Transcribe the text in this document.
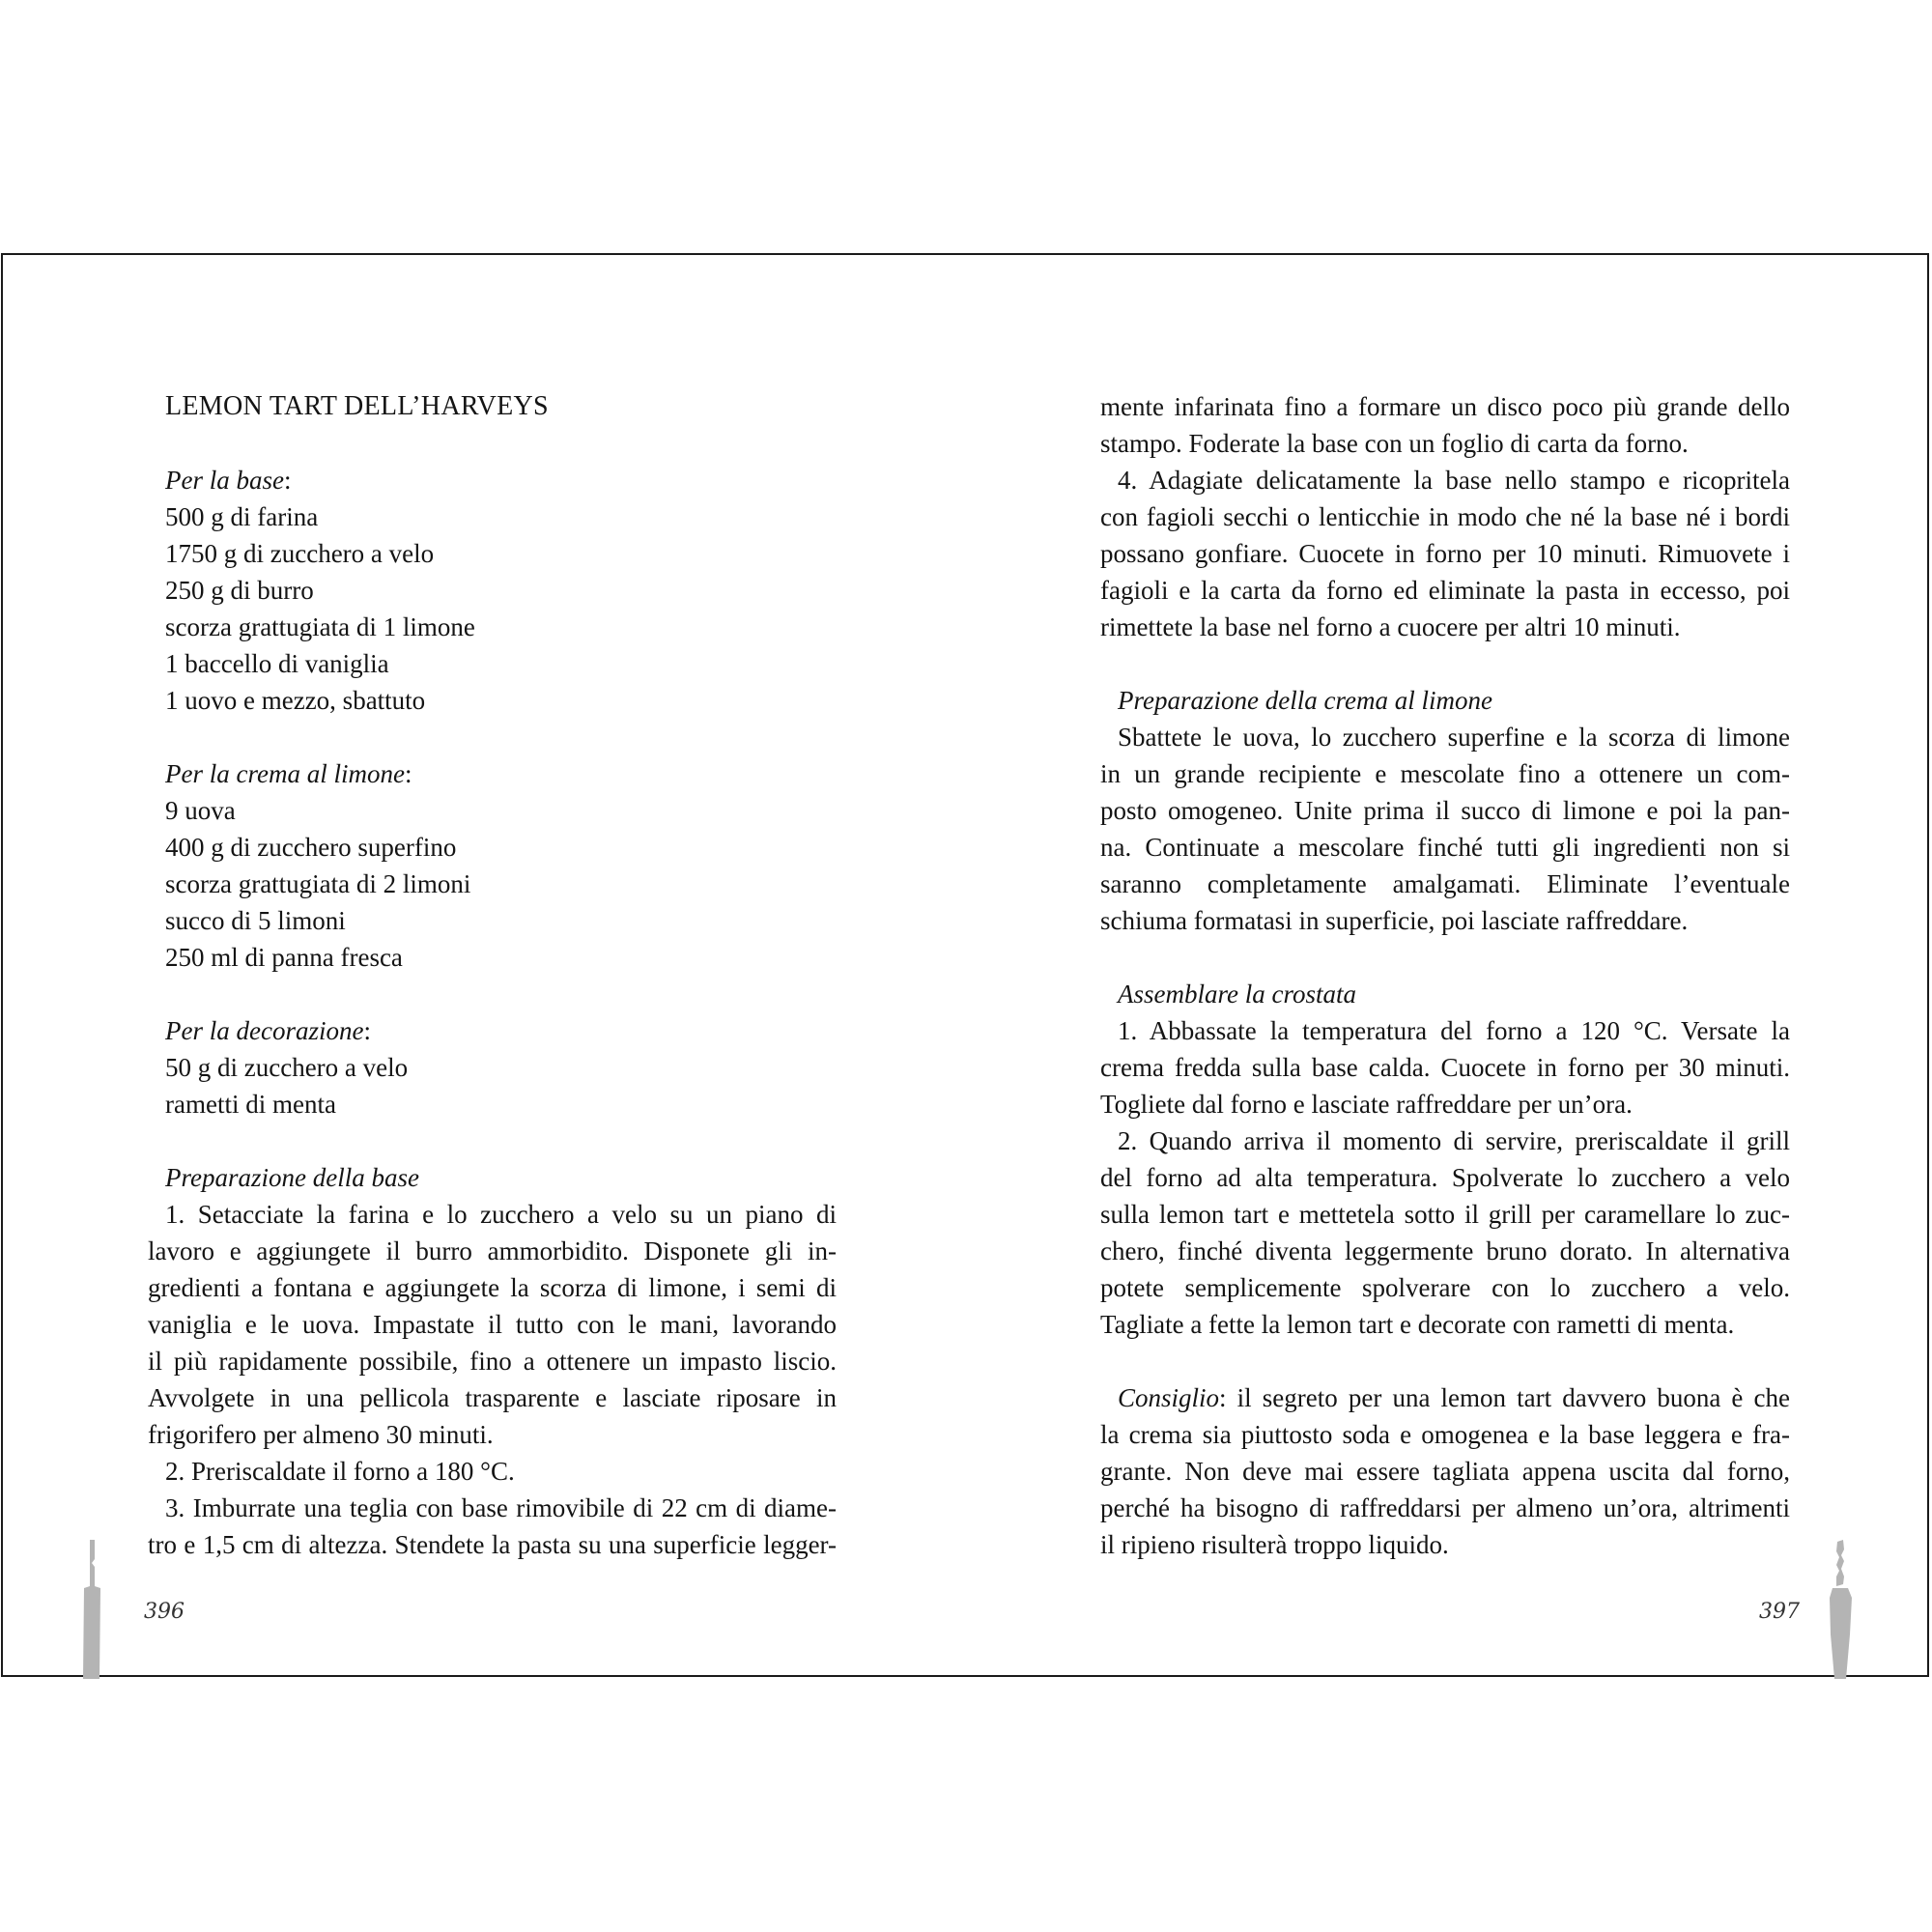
LEMON TART DELL’HARVEYS
Per la base:
500 g di farina
1750 g di zucchero a velo
250 g di burro
scorza grattugiata di 1 limone
1 baccello di vaniglia
1 uovo e mezzo, sbattuto
Per la crema al limone:
9 uova
400 g di zucchero superfino
scorza grattugiata di 2 limoni
succo di 5 limoni
250 ml di panna fresca
Per la decorazione:
50 g di zucchero a velo
rametti di menta
Preparazione della base
1. Setacciate la farina e lo zucchero a velo su un piano di
lavoro e aggiungete il burro ammorbidito. Disponete gli in-
gredienti a fontana e aggiungete la scorza di limone, i semi di
vaniglia e le uova. Impastate il tutto con le mani, lavorando
il più rapidamente possibile, fino a ottenere un impasto liscio.
Avvolgete in una pellicola trasparente e lasciate riposare in
frigorifero per almeno 30 minuti.
2. Preriscaldate il forno a 180 °C.
3. Imburrate una teglia con base rimovibile di 22 cm di diame-
tro e 1,5 cm di altezza. Stendete la pasta su una superficie legger-
mente infarinata fino a formare un disco poco più grande dello
stampo. Foderate la base con un foglio di carta da forno.
4. Adagiate delicatamente la base nello stampo e ricopritela
con fagioli secchi o lenticchie in modo che né la base né i bordi
possano gonfiare. Cuocete in forno per 10 minuti. Rimuovete i
fagioli e la carta da forno ed eliminate la pasta in eccesso, poi
rimettete la base nel forno a cuocere per altri 10 minuti.
Preparazione della crema al limone
Sbattete le uova, lo zucchero superfine e la scorza di limone
in un grande recipiente e mescolate fino a ottenere un com-
posto omogeneo. Unite prima il succo di limone e poi la pan-
na. Continuate a mescolare finché tutti gli ingredienti non si
saranno completamente amalgamati. Eliminate l’eventuale
schiuma formatasi in superficie, poi lasciate raffreddare.
Assemblare la crostata
1. Abbassate la temperatura del forno a 120 °C. Versate la
crema fredda sulla base calda. Cuocete in forno per 30 minuti.
Togliete dal forno e lasciate raffreddare per un’ora.
2. Quando arriva il momento di servire, preriscaldate il grill
del forno ad alta temperatura. Spolverate lo zucchero a velo
sulla lemon tart e mettetela sotto il grill per caramellare lo zuc-
chero, finché diventa leggermente bruno dorato. In alternativa
potete semplicemente spolverare con lo zucchero a velo.
Tagliate a fette la lemon tart e decorate con rametti di menta.
Consiglio: il segreto per una lemon tart davvero buona è che
la crema sia piuttosto soda e omogenea e la base leggera e fra-
grante. Non deve mai essere tagliata appena uscita dal forno,
perché ha bisogno di raffreddarsi per almeno un’ora, altrimenti
il ripieno risulterà troppo liquido.
396	397
